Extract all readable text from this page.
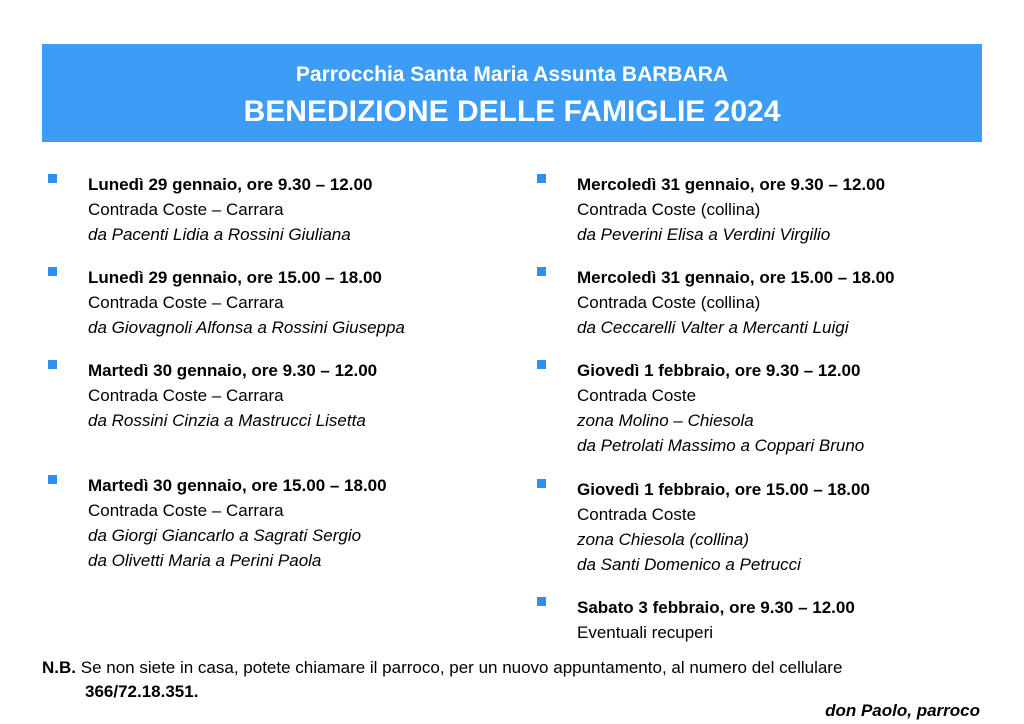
Parrocchia Santa Maria Assunta BARBARA
BENEDIZIONE DELLE FAMIGLIE 2024
Lunedì 29 gennaio, ore 9.30 – 12.00
Contrada Coste – Carrara
da Pacenti Lidia a Rossini Giuliana
Lunedì 29 gennaio, ore 15.00 – 18.00
Contrada Coste – Carrara
da Giovagnoli Alfonsa a Rossini Giuseppa
Martedì 30 gennaio, ore 9.30 – 12.00
Contrada Coste – Carrara
da Rossini Cinzia a Mastrucci Lisetta
Martedì 30 gennaio, ore 15.00 – 18.00
Contrada Coste – Carrara
da Giorgi Giancarlo a Sagrati Sergio
da Olivetti Maria a Perini Paola
Mercoledì 31 gennaio, ore 9.30 – 12.00
Contrada Coste (collina)
da Peverini Elisa a Verdini Virgilio
Mercoledì 31 gennaio, ore 15.00 – 18.00
Contrada Coste (collina)
da Ceccarelli Valter a Mercanti Luigi
Giovedì 1 febbraio, ore 9.30 – 12.00
Contrada Coste
zona Molino – Chiesola
da Petrolati Massimo a Coppari Bruno
Giovedì 1 febbraio, ore 15.00 – 18.00
Contrada Coste
zona Chiesola (collina)
da Santi Domenico a Petrucci
Sabato 3 febbraio, ore 9.30 – 12.00
Eventuali recuperi
N.B. Se non siete in casa, potete chiamare il parroco, per un nuovo appuntamento, al numero del cellulare
366/72.18.351.
don Paolo, parroco
